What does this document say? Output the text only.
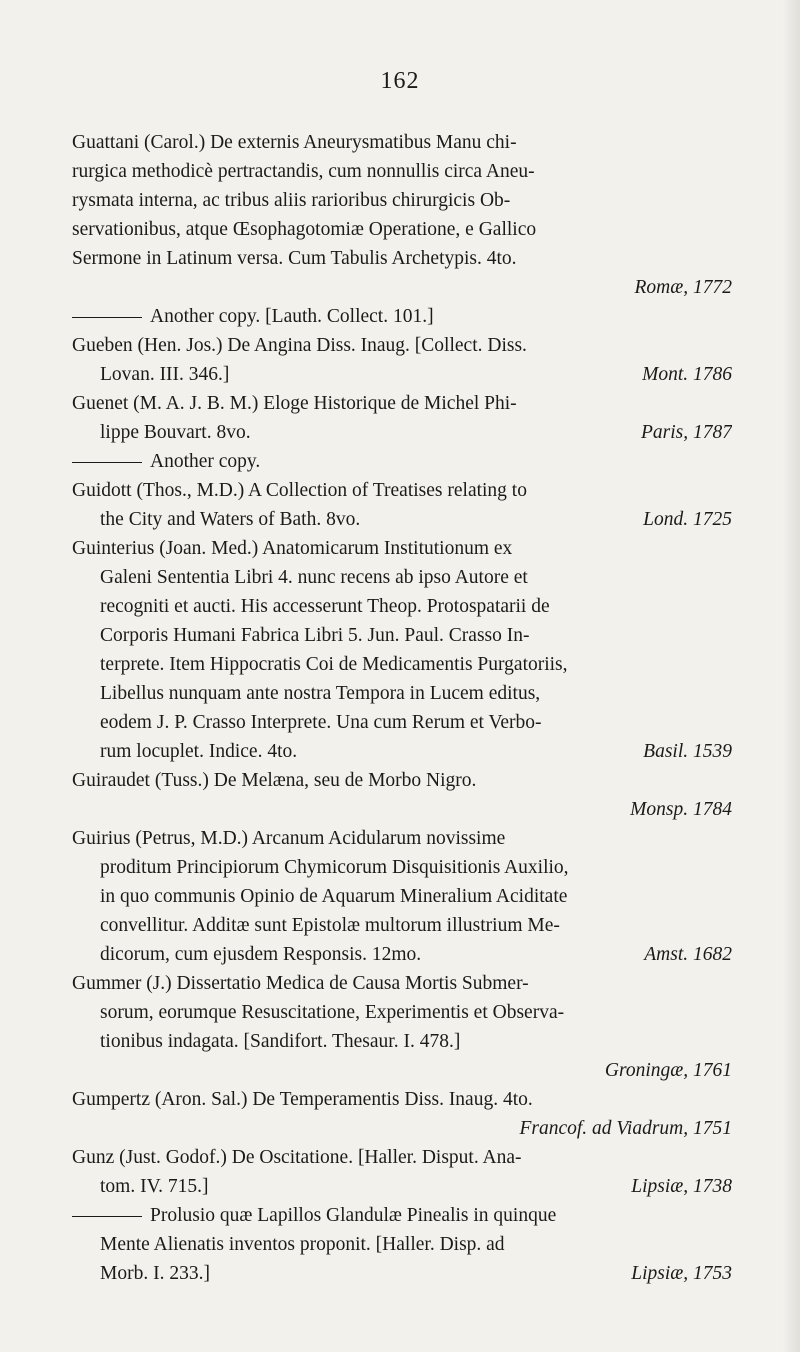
162

Guattani (Carol.) De externis Aneurysmatibus Manu chi-
rurgica methodicè pertractandis, cum nonnullis circa Aneu-
rysmata interna, ac tribus aliis rarioribus chirurgicis Ob-
servationibus, atque Œsophagotomiæ Operatione, e Gallico
Sermone in Latinum versa. Cum Tabulis Archetypis. 4to.
Romæ, 1772

Another copy. [Lauth. Collect. 101.]

Gueben (Hen. Jos.) De Angina Diss. Inaug. [Collect. Diss.
Lovan. III. 346.]	Mont. 1786

Guenet (M. A. J. B. M.) Eloge Historique de Michel Phi-
lippe Bouvart. 8vo.	Paris, 1787

Another copy.

Guidott (Thos., M.D.) A Collection of Treatises relating to
the City and Waters of Bath. 8vo.	Lond. 1725

Guinterius (Joan. Med.) Anatomicarum Institutionum ex
Galeni Sententia Libri 4. nunc recens ab ipso Autore et
recogniti et aucti. His accesserunt Theop. Protospatarii de
Corporis Humani Fabrica Libri 5. Jun. Paul. Crasso In-
terprete. Item Hippocratis Coi de Medicamentis Purgatoriis,
Libellus nunquam ante nostra Tempora in Lucem editus,
eodem J. P. Crasso Interprete. Una cum Rerum et Verbo-
rum locuplet. Indice. 4to.	Basil. 1539

Guiraudet (Tuss.) De Melæna, seu de Morbo Nigro.
Monsp. 1784

Guirius (Petrus, M.D.) Arcanum Acidularum novissime
proditum Principiorum Chymicorum Disquisitionis Auxilio,
in quo communis Opinio de Aquarum Mineralium Aciditate
convellitur. Additæ sunt Epistolæ multorum illustrium Me-
dicorum, cum ejusdem Responsis. 12mo.	Amst. 1682

Gummer (J.) Dissertatio Medica de Causa Mortis Submer-
sorum, eorumque Resuscitatione, Experimentis et Observa-
tionibus indagata. [Sandifort. Thesaur. I. 478.]
Groningæ, 1761

Gumpertz (Aron. Sal.) De Temperamentis Diss. Inaug. 4to.
Francof. ad Viadrum, 1751

Gunz (Just. Godof.) De Oscitatione. [Haller. Disput. Ana-
tom. IV. 715.]	Lipsiæ, 1738

Prolusio quæ Lapillos Glandulæ Pinealis in quinque
Mente Alienatis inventos proponit. [Haller. Disp. ad
Morb. I. 233.]	Lipsiæ, 1753
